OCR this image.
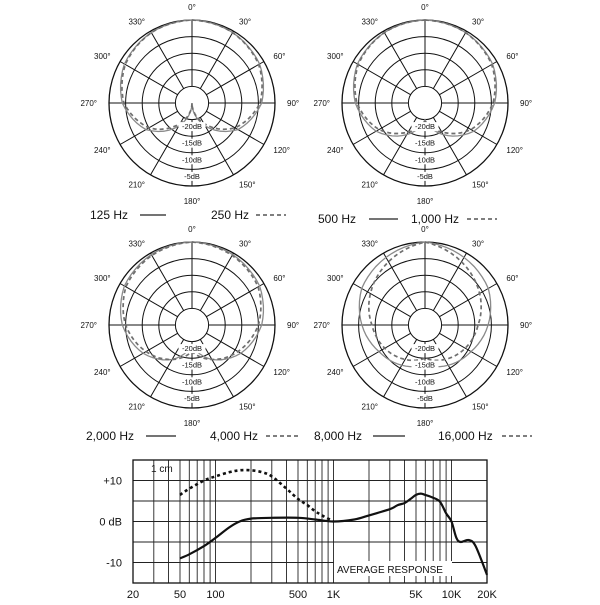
125 Hz	250 Hz	500 Hz	1,000 Hz
2,000 Hz	4,000 Hz	8,000 Hz	16,000 Hz
0°
30°
60°
90°
120°
150°
180°
210°
240°
270°
300°
330°
-20dB
-15dB
-10dB
-5dB
0°
30°
60°
90°
120°
150°
180°
210°
240°
270°
300°
330°
-20dB
-15dB
-10dB
-5dB
0°
30°
60°
90°
120°
150°
180°
210°
240°
270°
300°
330°
-20dB
-15dB
-10dB
-5dB
0°
30°
60°
90°
120°
150°
180°
210°
240°
270°
300°
330°
-20dB
-15dB
-10dB
-5dB
20	50 100	500 1K	5K 10K 20K
+10
0 dB
-10
AVERAGE RESPONSE
1 cm
